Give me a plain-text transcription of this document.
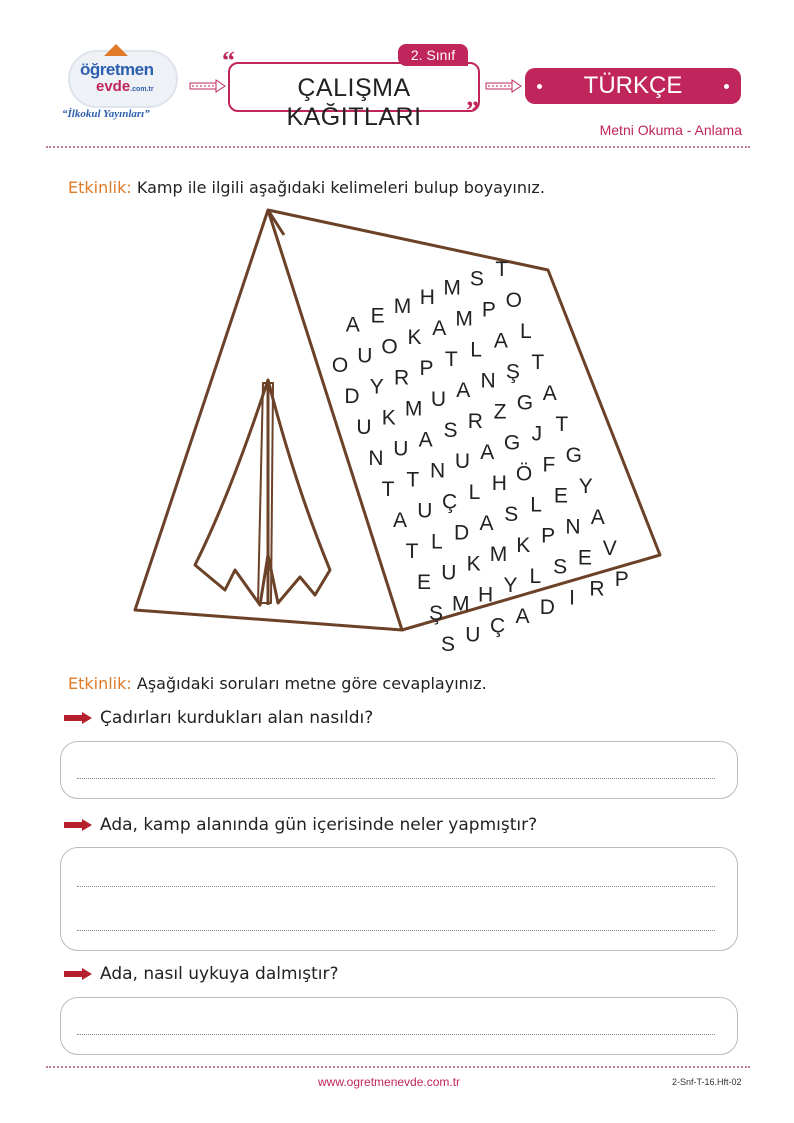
öğretmen
evde.com.tr
“İlkokul Yayınları”
“	2. Sınıf
ÇALIŞMA KAĞITLARI	”
TÜRKÇE
Metni Okuma - Anlama
Etkinlik: Kamp ile ilgili aşağıdaki kelimeleri bulup boyayınız.
A E M H M S T
O U O K A M P O
D Y R P T L A L
U K M U A N Ş T
N U A S R Z G A
T T N U A G J T
A U Ç L H Ö F G
T L D A S L E Y
E U K M K P N A
Ş M H Y L S E V
S U Ç A D I R P
Etkinlik: Aşağıdaki soruları metne göre cevaplayınız.
Çadırları kurdukları alan nasıldı?
Ada, kamp alanında gün içerisinde neler yapmıştır?
Ada, nasıl uykuya dalmıştır?
www.ogretmenevde.com.tr	2-Snf-T-16.Hft-02
